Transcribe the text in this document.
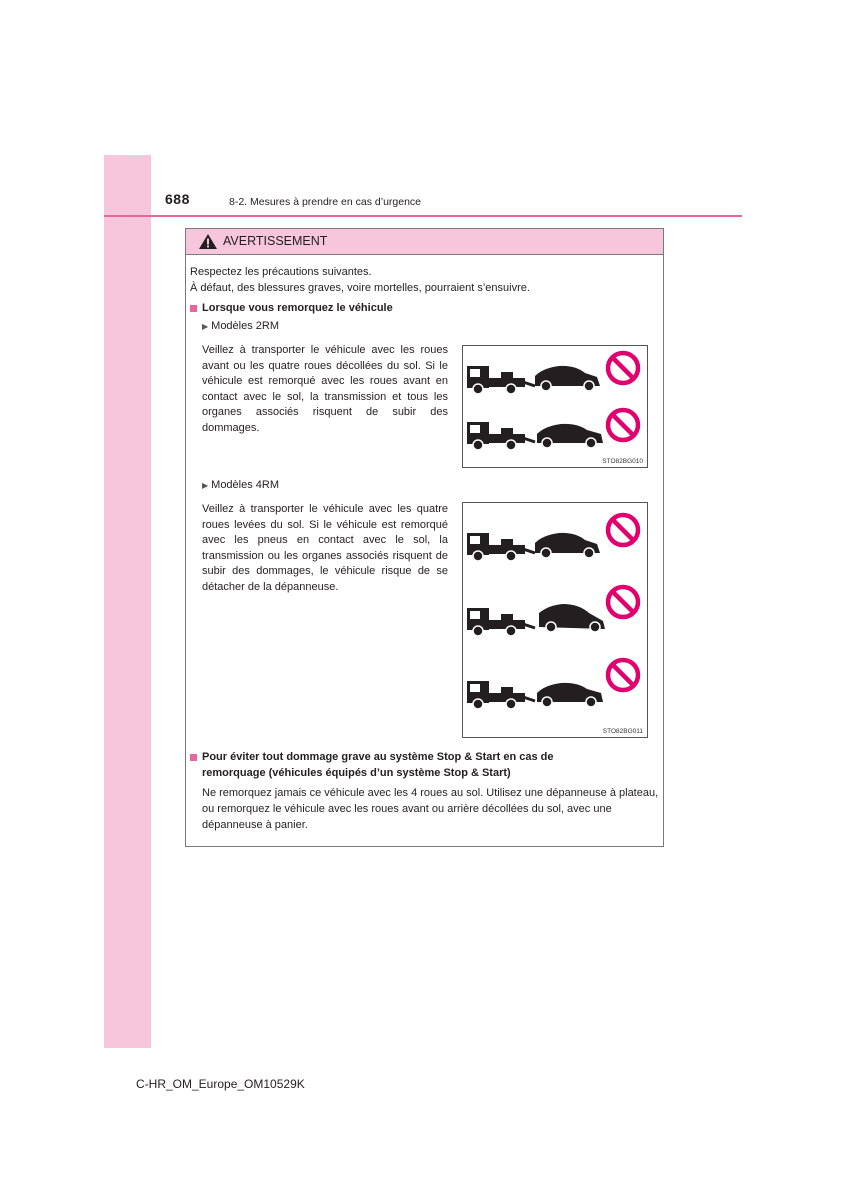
688	8-2. Mesures à prendre en cas d’urgence
AVERTISSEMENT
Respectez les précautions suivantes.
À défaut, des blessures graves, voire mortelles, pourraient s’ensuivre.
Lorsque vous remorquez le véhicule
▶ Modèles 2RM
Veillez à transporter le véhicule avec les roues avant ou les quatre roues décollées du sol. Si le véhicule est remorqué avec les roues avant en contact avec le sol, la transmission et tous les organes associés risquent de subir des dommages.
STO82BG010
▶ Modèles 4RM
Veillez à transporter le véhicule avec les quatre roues levées du sol. Si le véhicule est remorqué avec les pneus en contact avec le sol, la transmission ou les organes associés risquent de subir des dommages, le véhicule risque de se détacher de la dépanneuse.
STO82BG011
Pour éviter tout dommage grave au système Stop & Start en cas de
remorquage (véhicules équipés d’un système Stop & Start)
Ne remorquez jamais ce véhicule avec les 4 roues au sol. Utilisez une dépanneuse à plateau, ou remorquez le véhicule avec les roues avant ou arrière décollées du sol, avec une dépanneuse à panier.
C-HR_OM_Europe_OM10529K
